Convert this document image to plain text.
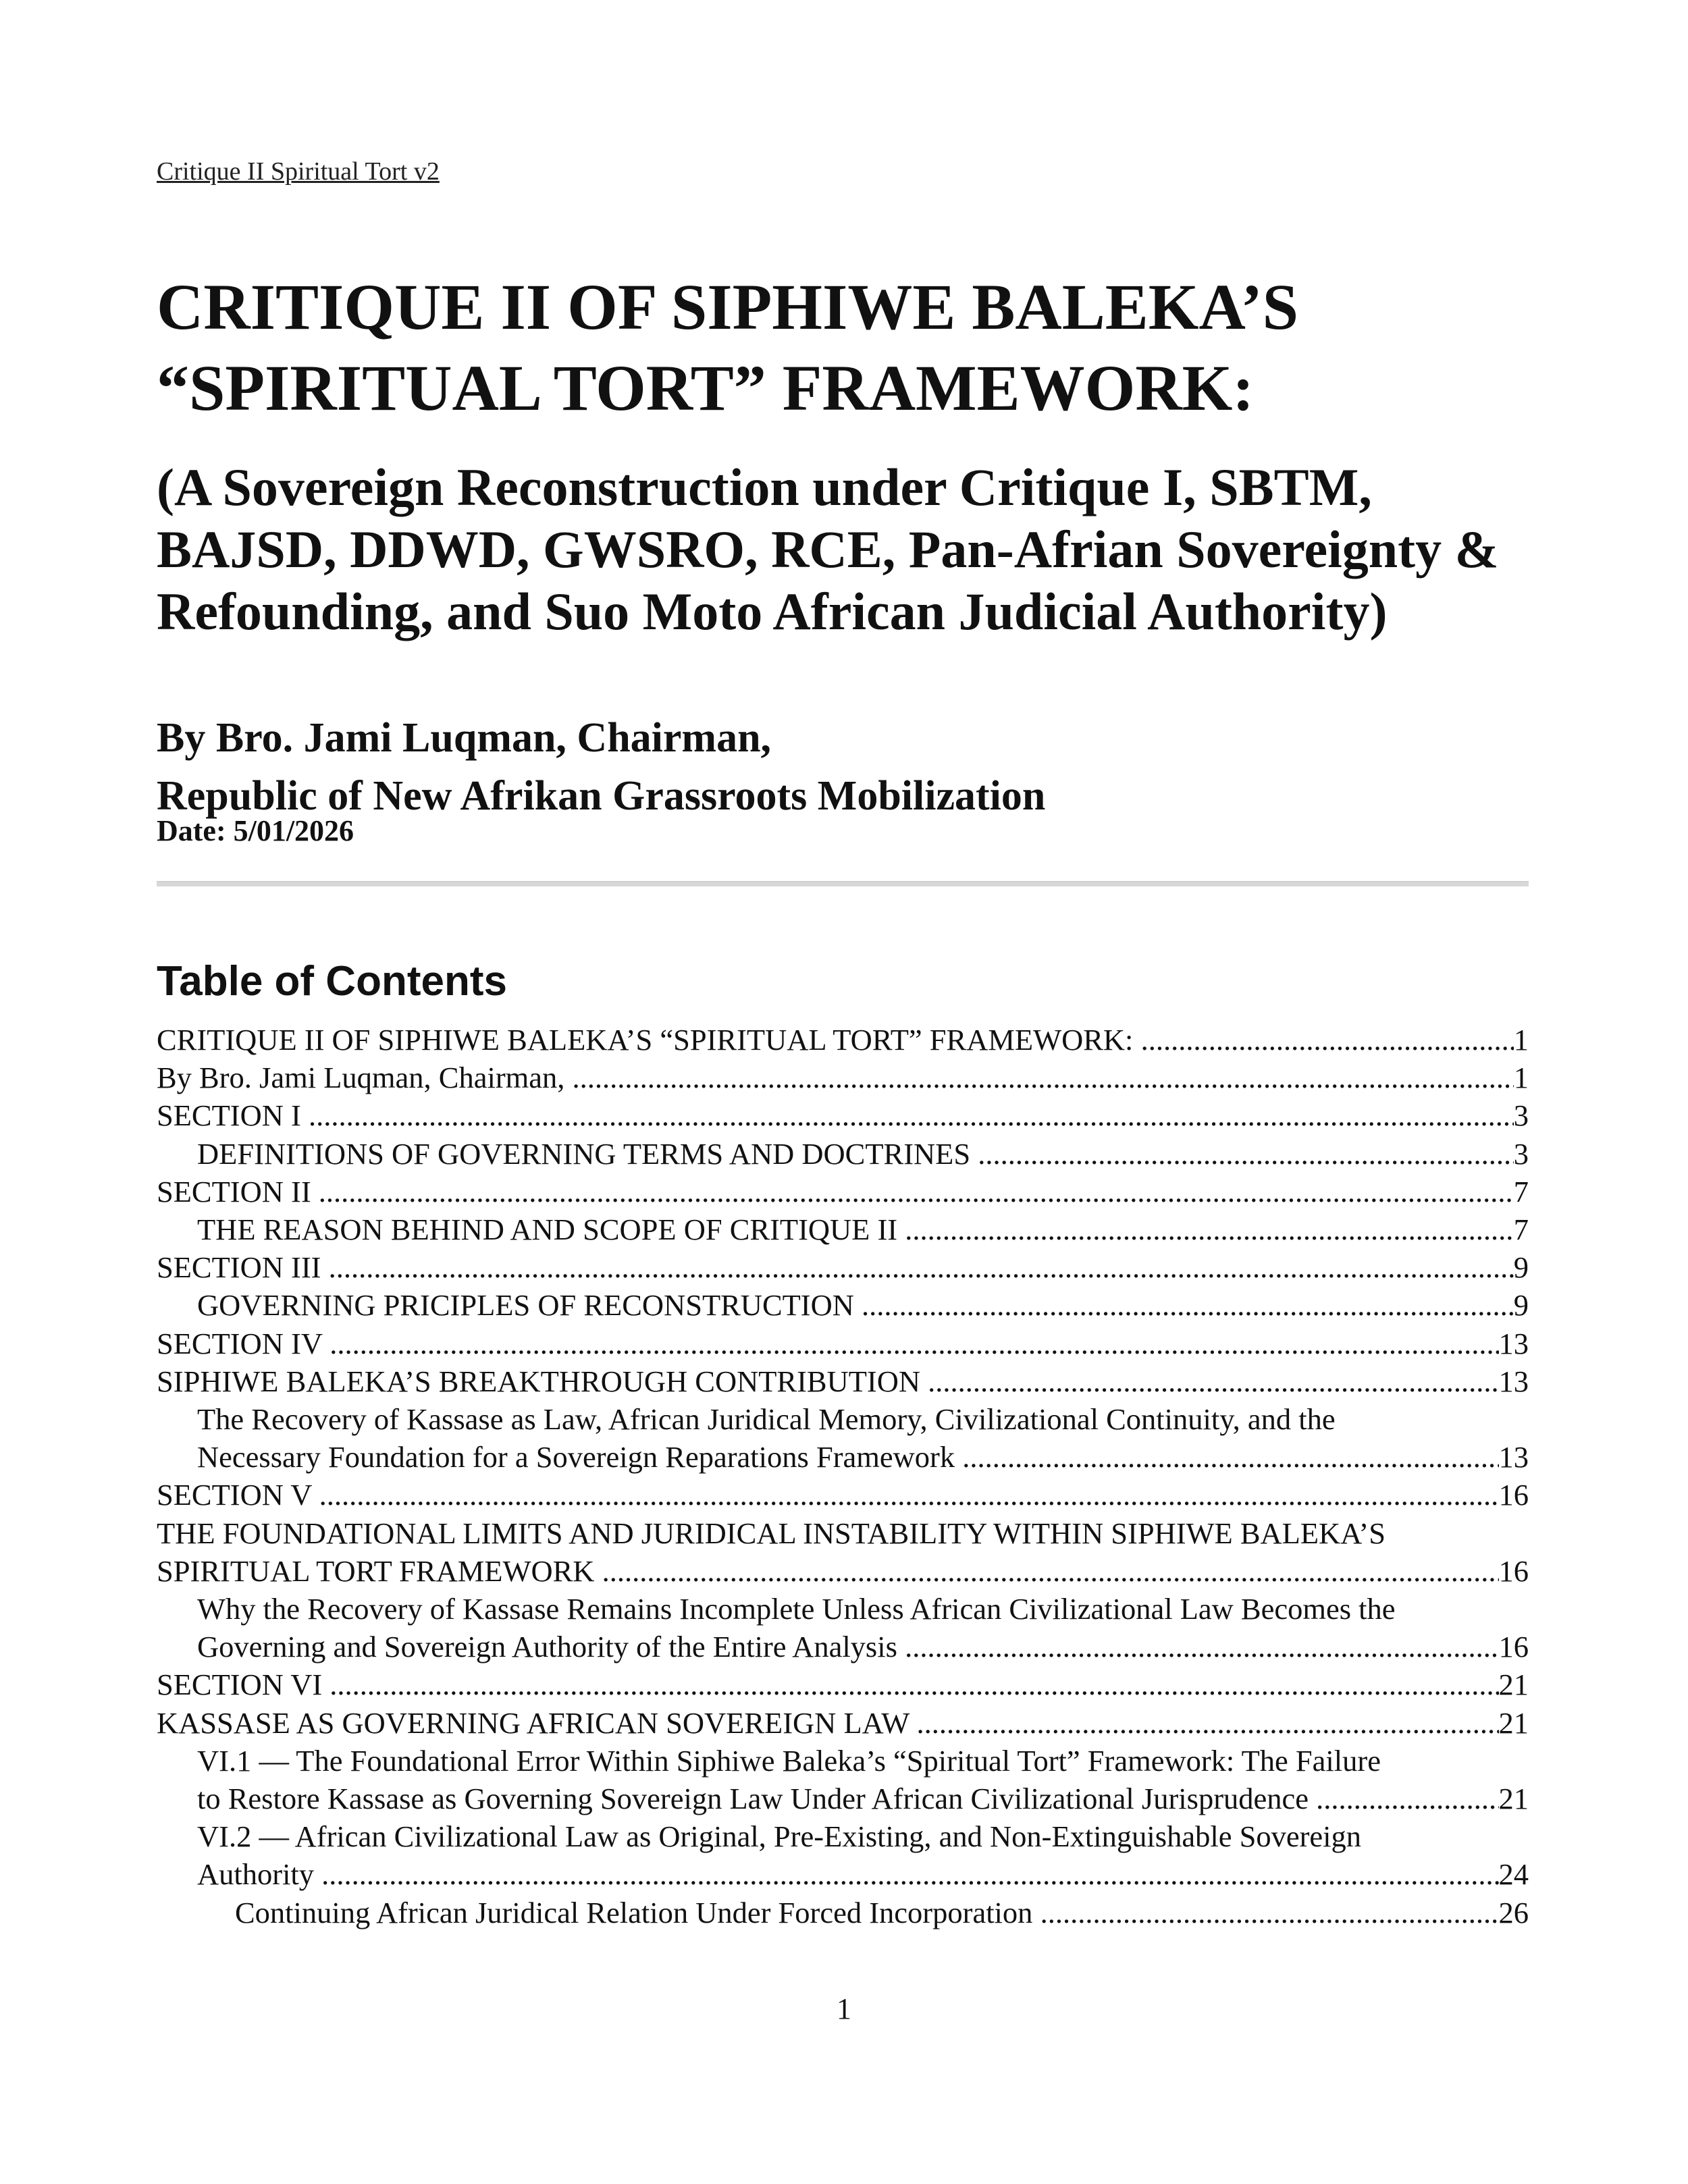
Critique II Spiritual Tort v2
CRITIQUE II OF SIPHIWE BALEKA’S “SPIRITUAL TORT” FRAMEWORK:
(A Sovereign Reconstruction under Critique I, SBTM, BAJSD, DDWD, GWSRO, RCE, Pan-Afrian Sovereignty & Refounding, and Suo Moto African Judicial Authority)
By Bro. Jami Luqman, Chairman,
Republic of New Afrikan Grassroots Mobilization
Date: 5/01/2026
Table of Contents
CRITIQUE II OF SIPHIWE BALEKA’S “SPIRITUAL TORT” FRAMEWORK: .....	1
By Bro. Jami Luqman, Chairman, .....	1
SECTION I .....	3
DEFINITIONS OF GOVERNING TERMS AND DOCTRINES .....	3
SECTION II .....	7
THE REASON BEHIND AND SCOPE OF CRITIQUE II .....	7
SECTION III .....	9
GOVERNING PRICIPLES OF RECONSTRUCTION .....	9
SECTION IV .....	13
SIPHIWE BALEKA’S BREAKTHROUGH CONTRIBUTION .....	13
The Recovery of Kassase as Law, African Juridical Memory, Civilizational Continuity, and the
Necessary Foundation for a Sovereign Reparations Framework .....	13
SECTION V .....	16
THE FOUNDATIONAL LIMITS AND JURIDICAL INSTABILITY WITHIN SIPHIWE BALEKA’S
SPIRITUAL TORT FRAMEWORK .....	16
Why the Recovery of Kassase Remains Incomplete Unless African Civilizational Law Becomes the
Governing and Sovereign Authority of the Entire Analysis .....	16
SECTION VI .....	21
KASSASE AS GOVERNING AFRICAN SOVEREIGN LAW .....	21
VI.1 — The Foundational Error Within Siphiwe Baleka’s “Spiritual Tort” Framework: The Failure
to Restore Kassase as Governing Sovereign Law Under African Civilizational Jurisprudence .....	21
VI.2 — African Civilizational Law as Original, Pre-Existing, and Non-Extinguishable Sovereign
Authority .....	24
Continuing African Juridical Relation Under Forced Incorporation .....	26
1
